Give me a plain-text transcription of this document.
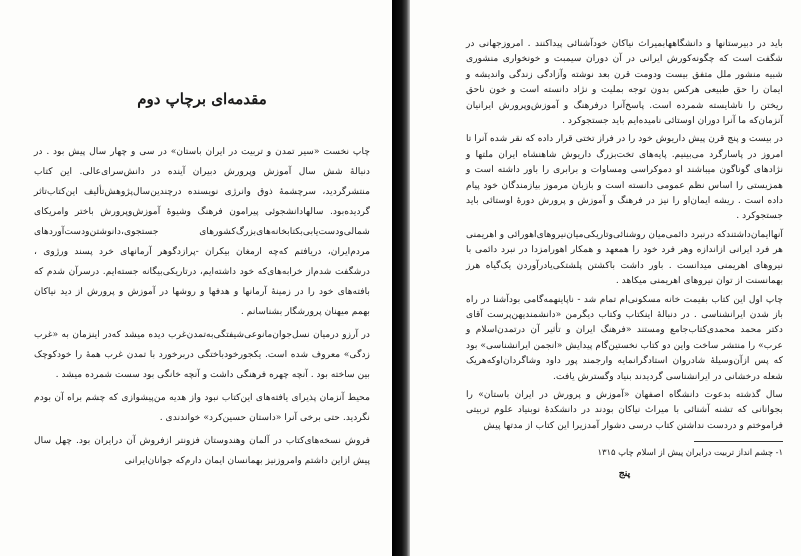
مقدمه‌ای برچاپ دوم

چاپ نخست «سیر تمدن و تربیت در ایران باستان» در سی و چهار سال پیش بود . در دنبالهٔ شش سال آموزش وپرورش دبیران آینده در دانش‌سرای‌عالی. این کتاب منتشرگردید، سرچشمه‌ٔ ذوق وانرژی نویسنده درچندین‌سال‌پژوهش‌تألیف این‌کتاب‌تاثر گردیده‌بود. سالها‌دانشجوئی پیرامون فرهنگ وشیوهٔ آموزش‌وپرورش باختر وامریکای شمالی‌ودست‌یابی‌بکتابخانه‌های‌بزرگ‌کشورهای‌ جستجوی،دانوشتن‌ودست‌آوردهای مردم‌ایران، دریافتم که‌چه ارمغان بیکران -پرازدگوهر آرمانهای خرد پسند ورژوی ، درشگفت شدم‌از خرابه‌های‌که خود داشته‌ایم، درتاریکی‌بیگانه جسته‌ایم. درسرآن شدم که بافته‌های خود را در زمینهٔ آرمانها و هدفها و روشها در آموزش و پرورش از دید نیاکان بهمم میهنان پرورشگار بشناسانم .

در آرزو درمیان نسل‌جوان‌مانوعی‌شیفتگی‌به‌تمدن‌غرب دیده میشد که‌در اینزمان به «غرب زدگی» معروف شده است. یکجورخودباختگی دربرخورد با تمدن غرب همهٔ را خودکوچک بین ساخته بود . آنچه چهره فرهنگی داشت و آنچه خانگی بود سست شمرده میشد .

محیط آنزمان پذیرای یافته‌های این‌کتاب نبود واز هدیه من‌پیشوازی که چشم براه آن بودم نگردید. حتی برخی آنرا «داستان حسین‌کرد» خواندندی .

فروش نسخه‌های‌کتاب در آلمان وهندوستان فزونتر ازفروش آن درایران بود. چهل سال پیش ازاین داشتم وامروزنیز بهمانسان ایمان دارم‌که جوانان‌ایرانی

باید در دبیرستانها و دانشگاهها‌بمیراث نیاکان خودآشنائی پیداکنند . امروزجهانی در شگفت است که چگونه‌کورش ایرانی در آن دوران سیمبت و خونخواری منشوری شبیه منشور ملل متفق بیست ودومت قرن بعد نوشته وآزادگی زندگی واندیشه و ایمان را حق طبیعی هرکس بدون توجه بملیت و نژاد دانسته است و خون ناحق ریختن را ناشایسته شمرده است. پاسخ‌آنرا درفرهنگ و آموزش‌وپرورش ایرانیان آنزمان‌که ما آنرا دوران اوستائی نامیده‌ایم باید جستجوکرد .

در بیست و پنج قرن پیش داریوش خود را در فراز تختی قرار داده که نقر شده آنرا تا امروز در پاسارگرد می‌بینیم. پایه‌های تخت‌بزرگ داریوش شاهنشاه ایران ملتها و نژادهای گوناگون میباشند او دموکراسی ومساوات و برابری را باور داشته است و همزیستی را اساس نظم عمومی دانسته است و بازبان مرموز بیازمندگان خود پیام داده است . ریشه ایمان‌او را نیز در فرهنگ و آموزش و پرورش دورهٔ اوستائی باید جستجوکرد .

آنها‌ایمان‌داشتندکه درنبرد دائمی‌میان روشنائی‌وتاریکی‌میان‌نیروهای‌اهورائی و اهریمنی هر فرد ایرانی ازاندازه وهر فرد خود را همعهد و همکار اهورامزدا در نبرد دائمی با نیروهای اهریمنی میدانست . باور داشت باکشتن پلشتکی‌یادرآوردن یک‌گیاه هرز بهمانسنت از توان نیروهای اهریمنی میکاهد .

چاپ اول این کتاب بقیمت خانه مسکونی‌ام تمام شد - ناپاینهمه‌گامی بود‌آشنا در راه باز شدن ایرانشناسی . در دنبالهٔ اینکتاب وکتاب دیگرمن «دانشمندیهن‌پرست آقای دکتر محمد محمدی‌کتاب‌جامع ومستند «فرهنگ ایران و تأثیر آن درتمدن‌اسلام و عرب» را منتشر ساخت واین دو کتاب نخستین‌گام پیدایش «انجمن ایرانشناسی» بود که پس ازآن‌وسیلهٔ شادروان استادگرانمایه وارجمند پور داود وشاگردان‌اوکه‌هریک شعله درخشانی در ایرانشناسی گردیدند بنیاد وگسترش یافت.

سال گذشته بدعوت دانشگاه اصفهان «آموزش و پرورش در ایران باستان» را بجوانانی که تشنه آشنائی با میراث نیاکان بودند در دانشکدهٔ نوبنیاد علوم تربیتی فراموختم و دردست نداشتن کتاب درسی دشوار آمد‌زیرا این کتاب از مدتها پیش

۱- چشم انداز تربیت درایران پیش از اسلام چاپ ۱۳۱۵

پنج
